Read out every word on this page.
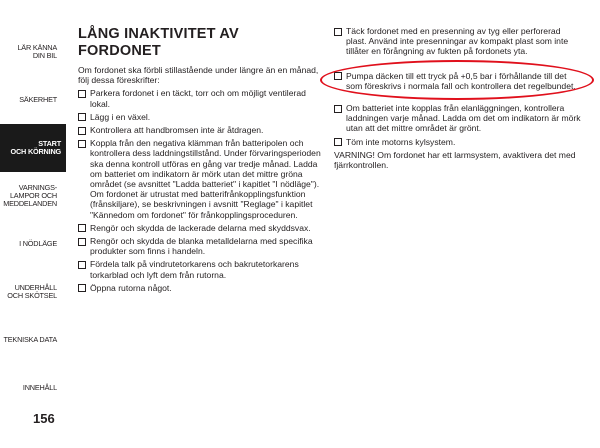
LÄR KÄNNA
DIN BIL
SÄKERHET
START
OCH KÖRNING
VARNINGS-
LAMPOR OCH
MEDDELANDEN
I NÖDLÄGE
UNDERHÅLL
OCH SKÖTSEL
TEKNISKA DATA
INNEHÅLL
156
LÅNG INAKTIVITET AV FORDONET

Om fordonet ska förbli stillastående under längre än en månad, följ dessa föreskrifter:

Parkera fordonet i en täckt, torr och om möjligt ventilerad lokal.
Lägg i en växel.
Kontrollera att handbromsen inte är åtdragen.
Koppla från den negativa klämman från batteripolen och kontrollera dess laddningstillstånd. Under förvaringsperioden ska denna kontroll utföras en gång var tredje månad. Ladda om batteriet om indikatorn är mörk utan det mittre gröna området (se avsnittet "Ladda batteriet" i kapitlet "I nödläge"). Om fordonet är utrustat med batterifrånkopplingsfunktion (frånskiljare), se beskrivningen i avsnitt "Reglage" i kapitlet "Kännedom om fordonet" för frånkopplingsproceduren.
Rengör och skydda de lackerade delarna med skyddsvax.
Rengör och skydda de blanka metalldelarna med specifika produkter som finns i handeln.
Fördela talk på vindrutetorkarens och bakrutetorkarens torkarblad och lyft dem från rutorna.
Öppna rutorna något.
Täck fordonet med en presenning av tyg eller perforerad plast. Använd inte presenningar av kompakt plast som inte tillåter en förångning av fukten på fordonets yta.
Pumpa däcken till ett tryck på +0,5 bar i förhållande till det som föreskrivs i normala fall och kontrollera det regelbundet.
Om batteriet inte kopplas från elanläggningen, kontrollera laddningen varje månad. Ladda om det om indikatorn är mörk utan att det mittre området är grönt.
Töm inte motorns kylsystem.

VARNING! Om fordonet har ett larmsystem, avaktivera det med fjärrkontrollen.
